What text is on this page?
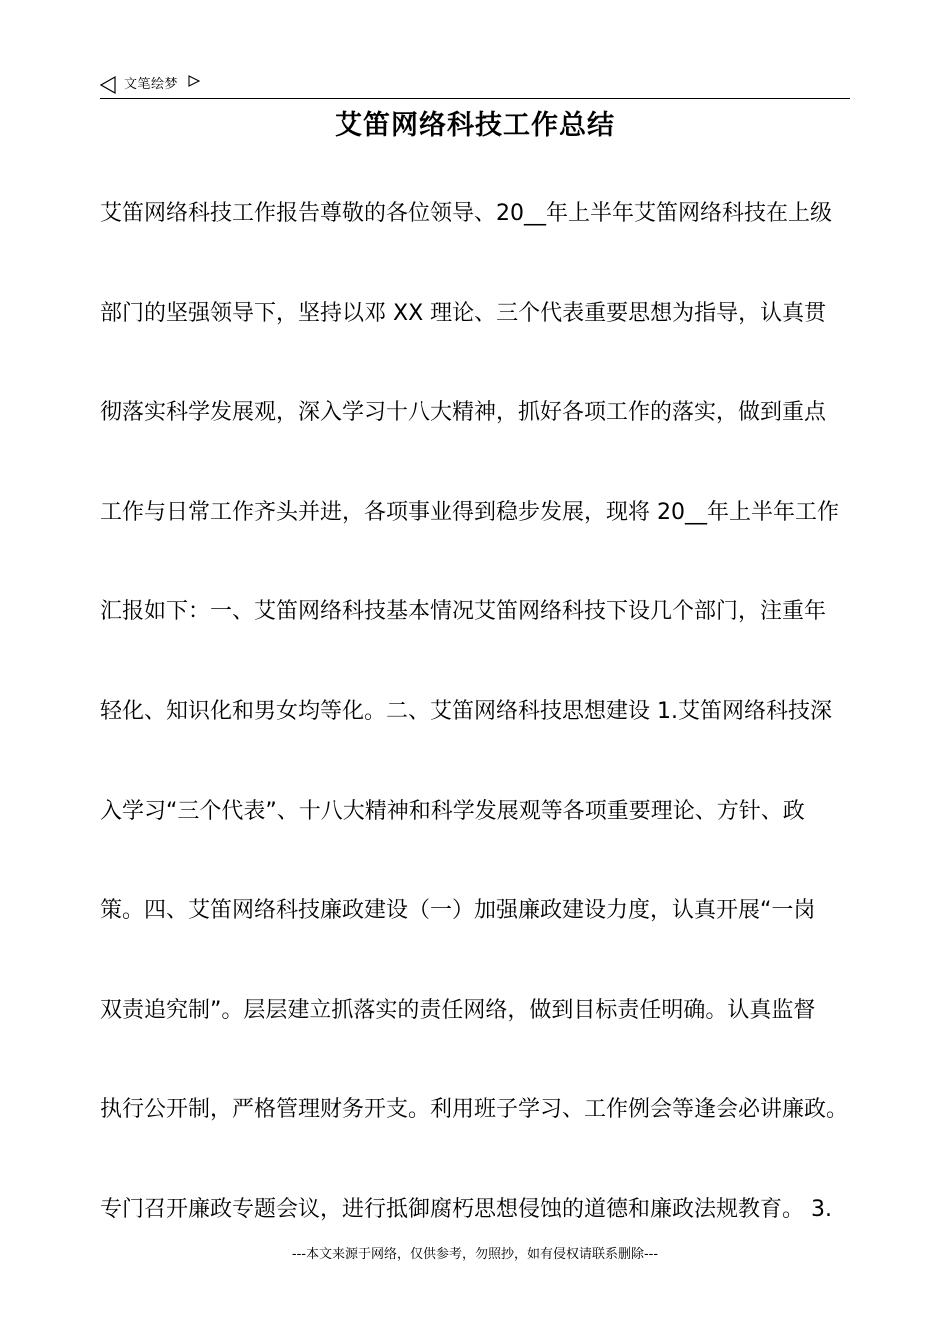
文笔绘梦
艾笛网络科技工作总结
艾笛网络科技工作报告尊敬的各位领导、20__年上半年艾笛网络科技在上级
部门的坚强领导下，坚持以邓 XX 理论、三个代表重要思想为指导，认真贯
彻落实科学发展观，深入学习十八大精神，抓好各项工作的落实，做到重点
工作与日常工作齐头并进，各项事业得到稳步发展，现将 20__年上半年工作
汇报如下：一、艾笛网络科技基本情况艾笛网络科技下设几个部门，注重年
轻化、知识化和男女均等化。二、艾笛网络科技思想建设 1.艾笛网络科技深
入学习“三个代表”、十八大精神和科学发展观等各项重要理论、方针、政
策。四、艾笛网络科技廉政建设（一）加强廉政建设力度，认真开展“一岗
双责追究制”。层层建立抓落实的责任网络，做到目标责任明确。认真监督
执行公开制，严格管理财务开支。利用班子学习、工作例会等逢会必讲廉政。
专门召开廉政专题会议，进行抵御腐朽思想侵蚀的道德和廉政法规教育。 3.
---本文来源于网络，仅供参考，勿照抄，如有侵权请联系删除---
